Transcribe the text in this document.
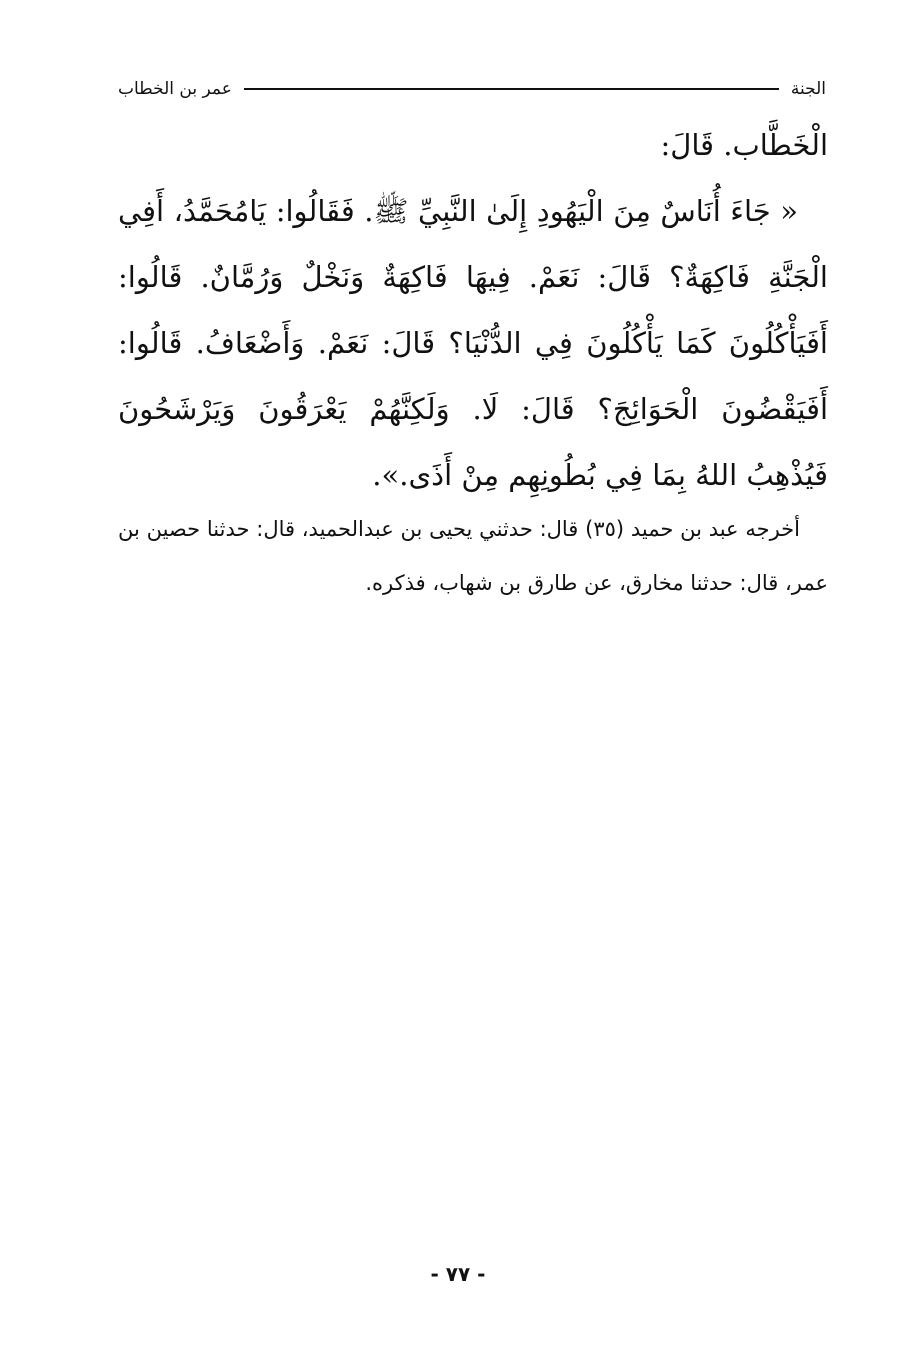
الجنة
عمر بن الخطاب

الْخَطَّاب. قَالَ:

« جَاءَ أُنَاسٌ مِنَ الْيَهُودِ إِلَىٰ النَّبِيِّ ﷺ. فَقَالُوا: يَامُحَمَّدُ، أَفِي الْجَنَّةِ فَاكِهَةٌ؟ قَالَ: نَعَمْ. فِيهَا فَاكِهَةٌ وَنَخْلٌ وَرُمَّانٌ. قَالُوا: أَفَيَأْكُلُونَ كَمَا يَأْكُلُونَ فِي الدُّنْيَا؟ قَالَ: نَعَمْ. وَأَضْعَافُ. قَالُوا: أَفَيَقْضُونَ الْحَوَائِجَ؟ قَالَ: لَا. وَلَكِنَّهُمْ يَعْرَقُونَ وَيَرْشَحُونَ فَيُذْهِبُ اللهُ بِمَا فِي بُطُونِهِم مِنْ أَذَى.».

أخرجه عبد بن حميد (٣٥) قال: حدثني يحيى بن عبدالحميد، قال: حدثنا حصين بن عمر، قال: حدثنا مخارق، عن طارق بن شهاب، فذكره.

- ٧٧ -
